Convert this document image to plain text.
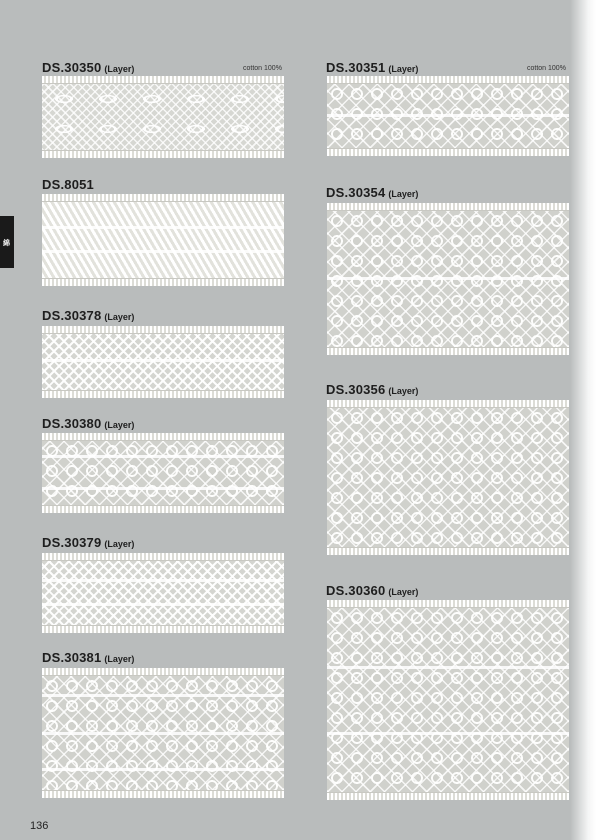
綿
DS.30350 (Layer)	cotton 100%
DS.8051
DS.30378 (Layer)
DS.30380 (Layer)
DS.30379 (Layer)
DS.30381 (Layer)
DS.30351 (Layer)	cotton 100%
DS.30354 (Layer)
DS.30356 (Layer)
DS.30360 (Layer)
136
